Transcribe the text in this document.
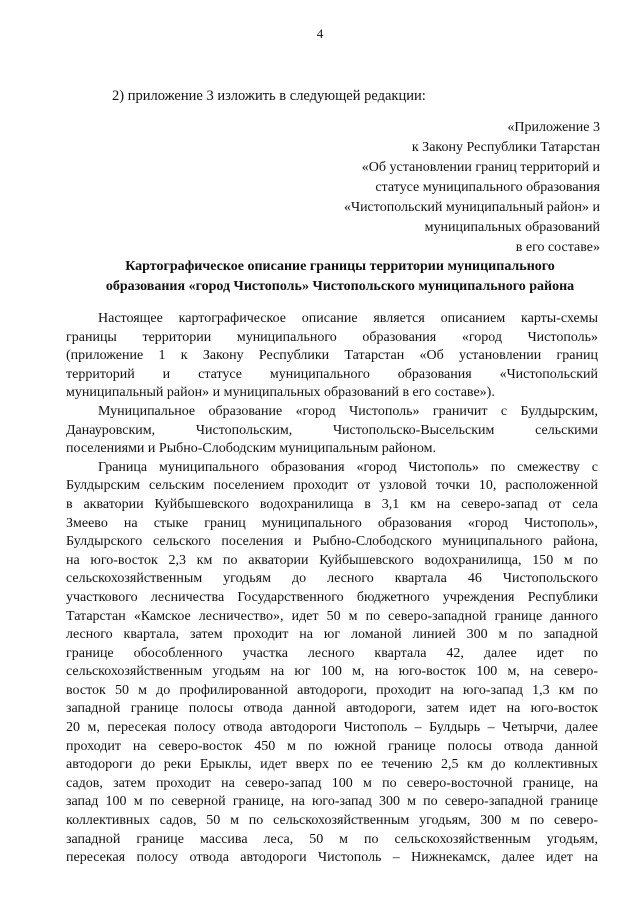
4
2) приложение 3 изложить в следующей редакции:
«Приложение 3
к Закону Республики Татарстан
«Об установлении границ территорий и
статусе муниципального образования
«Чистопольский муниципальный район» и
муниципальных образований
в его составе»
Картографическое описание границы территории муниципального
образования «город Чистополь» Чистопольского муниципального района
Настоящее картографическое описание является описанием карты-схемы
границы территории муниципального образования «город Чистополь»
(приложение 1 к Закону Республики Татарстан «Об установлении границ
территорий и статусе муниципального образования «Чистопольский
муниципальный район» и муниципальных образований в его составе»).
Муниципальное образование «город Чистополь» граничит с Булдырским,
Данауровским, Чистопольским, Чистопольско-Высельским сельскими
поселениями и Рыбно-Слободским муниципальным районом.
Граница муниципального образования «город Чистополь» по смежеству с
Булдырским сельским поселением проходит от узловой точки 10, расположенной
в акватории Куйбышевского водохранилища в 3,1 км на северо-запад от села
Змеево на стыке границ муниципального образования «город Чистополь»,
Булдырского сельского поселения и Рыбно-Слободского муниципального района,
на юго-восток 2,3 км по акватории Куйбышевского водохранилища, 150 м по
сельскохозяйственным угодьям до лесного квартала 46 Чистопольского
участкового лесничества Государственного бюджетного учреждения Республики
Татарстан «Камское лесничество», идет 50 м по северо-западной границе данного
лесного квартала, затем проходит на юг ломаной линией 300 м по западной
границе обособленного участка лесного квартала 42, далее идет по
сельскохозяйственным угодьям на юг 100 м, на юго-восток 100 м, на северо-
восток 50 м до профилированной автодороги, проходит на юго-запад 1,3 км по
западной границе полосы отвода данной автодороги, затем идет на юго-восток
20 м, пересекая полосу отвода автодороги Чистополь – Булдырь – Четырчи, далее
проходит на северо-восток 450 м по южной границе полосы отвода данной
автодороги до реки Ерыклы, идет вверх по ее течению 2,5 км до коллективных
садов, затем проходит на северо-запад 100 м по северо-восточной границе, на
запад 100 м по северной границе, на юго-запад 300 м по северо-западной границе
коллективных садов, 50 м по сельскохозяйственным угодьям, 300 м по северо-
западной границе массива леса, 50 м по сельскохозяйственным угодьям,
пересекая полосу отвода автодороги Чистополь – Нижнекамск, далее идет на
